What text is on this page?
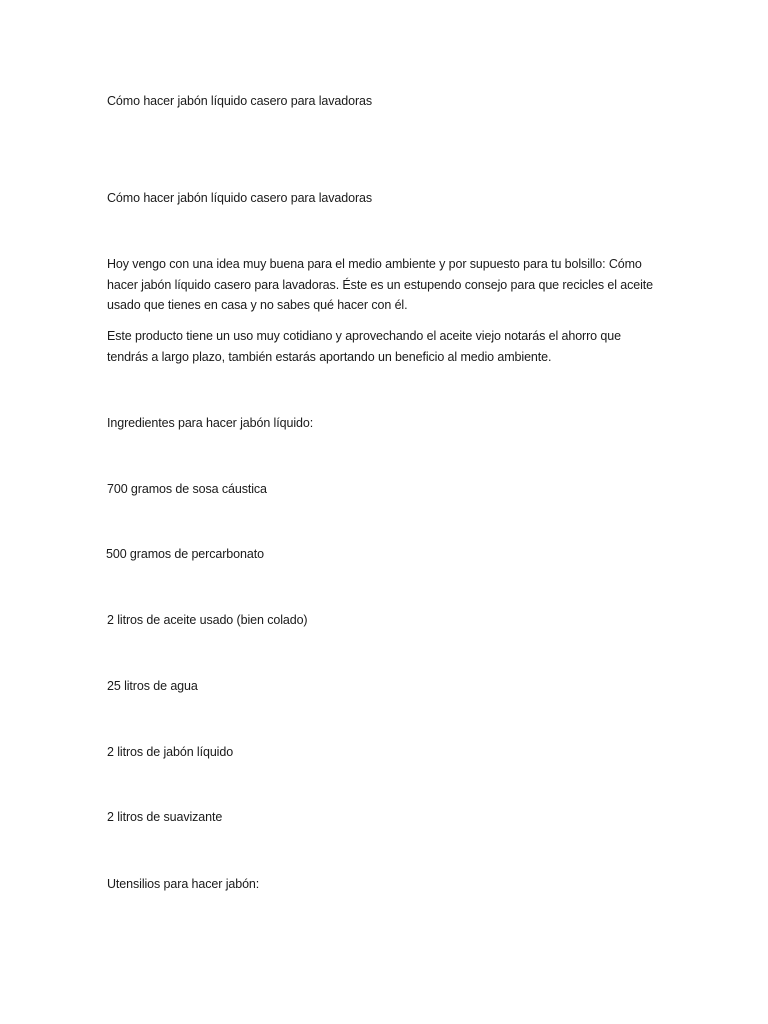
Cómo hacer jabón líquido casero para lavadoras
Cómo hacer jabón líquido casero para lavadoras
Hoy vengo con una idea muy buena para el medio ambiente y por supuesto para tu bolsillo: Cómo
hacer jabón líquido casero para lavadoras. Éste es un estupendo consejo para que recicles el aceite
usado que tienes en casa y no sabes qué hacer con él.
Este producto tiene un uso muy cotidiano y aprovechando el aceite viejo notarás el ahorro que
tendrás a largo plazo, también estarás aportando un beneficio al medio ambiente.
Ingredientes para hacer jabón líquido:
700 gramos de sosa cáustica
500 gramos de percarbonato
2 litros de aceite usado (bien colado)
25 litros de agua
2 litros de jabón líquido
2 litros de suavizante
Utensilios para hacer jabón:
